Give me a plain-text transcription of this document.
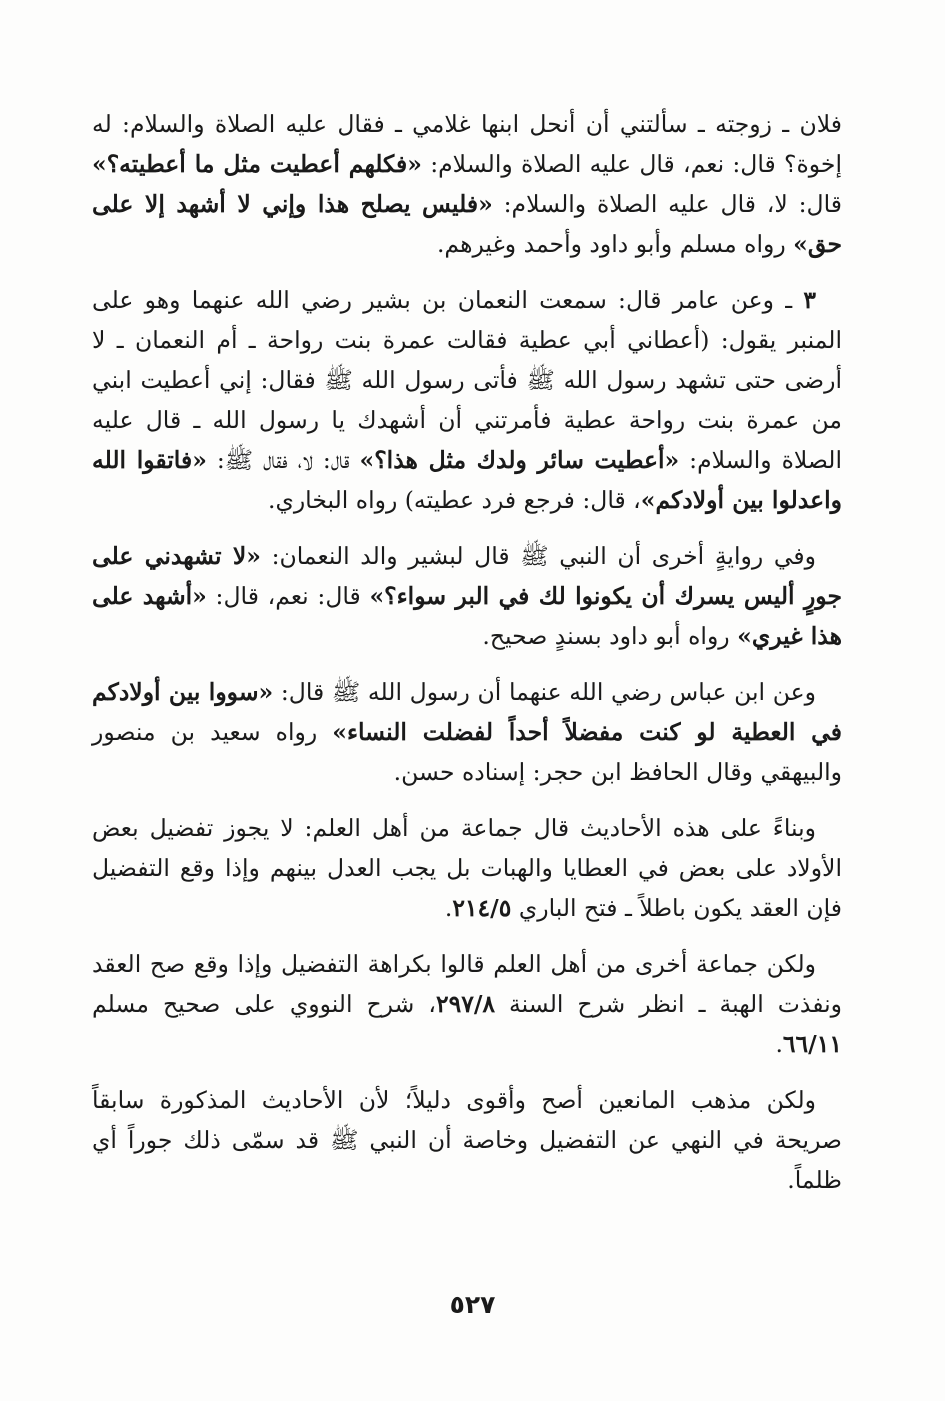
فلان ـ زوجته ـ سألتني أن أنحل ابنها غلامي ـ فقال عليه الصلاة والسلام: له إخوة؟ قال: نعم، قال عليه الصلاة والسلام: «فكلهم أعطيت مثل ما أعطيته؟» قال: لا، قال عليه الصلاة والسلام: «فليس يصلح هذا وإني لا أشهد إلا على حق» رواه مسلم وأبو داود وأحمد وغيرهم.

٣ ـ وعن عامر قال: سمعت النعمان بن بشير رضي الله عنهما وهو على المنبر يقول: (أعطاني أبي عطية فقالت عمرة بنت رواحة ـ أم النعمان ـ لا أرضى حتى تشهد رسول الله ﷺ فأتى رسول الله ﷺ فقال: إني أعطيت ابني من عمرة بنت رواحة عطية فأمرتني أن أشهدك يا رسول الله ـ قال عليه الصلاة والسلام: «أعطيت سائر ولدك مثل هذا؟» قال: لا، فقال ﷺ: «فاتقوا الله واعدلوا بين أولادكم»، قال: فرجع فرد عطيته) رواه البخاري.

وفي روايةٍ أخرى أن النبي ﷺ قال لبشير والد النعمان: «لا تشهدني على جورٍ أليس يسرك أن يكونوا لك في البر سواء؟» قال: نعم، قال: «أشهد على هذا غيري» رواه أبو داود بسندٍ صحيح.

وعن ابن عباس رضي الله عنهما أن رسول الله ﷺ قال: «سووا بين أولادكم في العطية لو كنت مفضلاً أحداً لفضلت النساء» رواه سعيد بن منصور والبيهقي وقال الحافظ ابن حجر: إسناده حسن.

وبناءً على هذه الأحاديث قال جماعة من أهل العلم: لا يجوز تفضيل بعض الأولاد على بعض في العطايا والهبات بل يجب العدل بينهم وإذا وقع التفضيل فإن العقد يكون باطلاً ـ فتح الباري ٢١٤/٥.

ولكن جماعة أخرى من أهل العلم قالوا بكراهة التفضيل وإذا وقع صح العقد ونفذت الهبة ـ انظر شرح السنة ٢٩٧/٨، شرح النووي على صحيح مسلم ٦٦/١١.

ولكن مذهب المانعين أصح وأقوى دليلاً؛ لأن الأحاديث المذكورة سابقاً صريحة في النهي عن التفضيل وخاصة أن النبي ﷺ قد سمّى ذلك جوراً أي ظلماً.

٥٢٧
